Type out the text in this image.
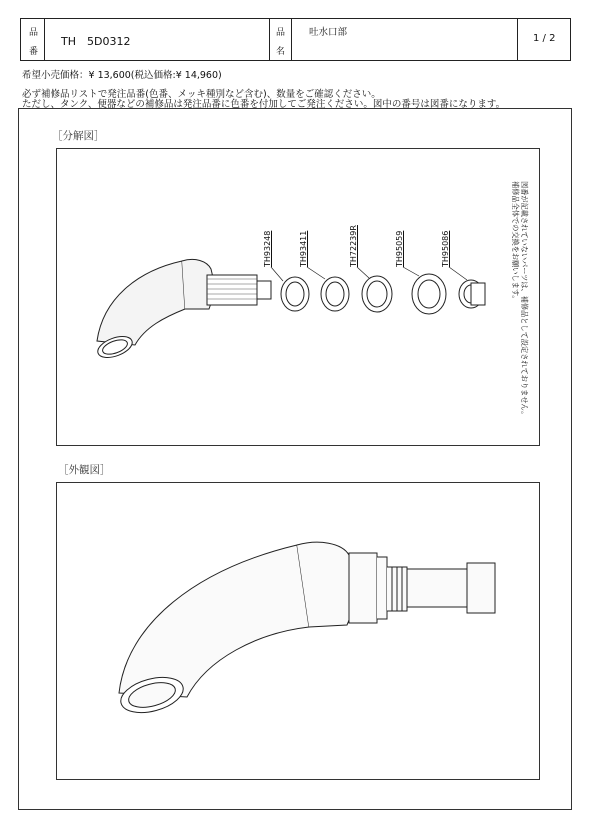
品
番
TH　5D0312
品
名
吐水口部
1 / 2
希望小売価格：¥ 13,600(税込価格:¥ 14,960)
必ず補修品リストで発注品番(色番、メッキ種別など含む)、数量をご確認ください。
ただし、タンク、便器などの補修品は発注品番に色番を付加してご発注ください。図中の番号は図番になります。
［分解図］
TH93248	TH93411	TH72239R	TH95059	TH95086	図番が記載されていないパーツは、補修品として設定されておりません。
補修品全体での交換をお願いします。
［外観図］
